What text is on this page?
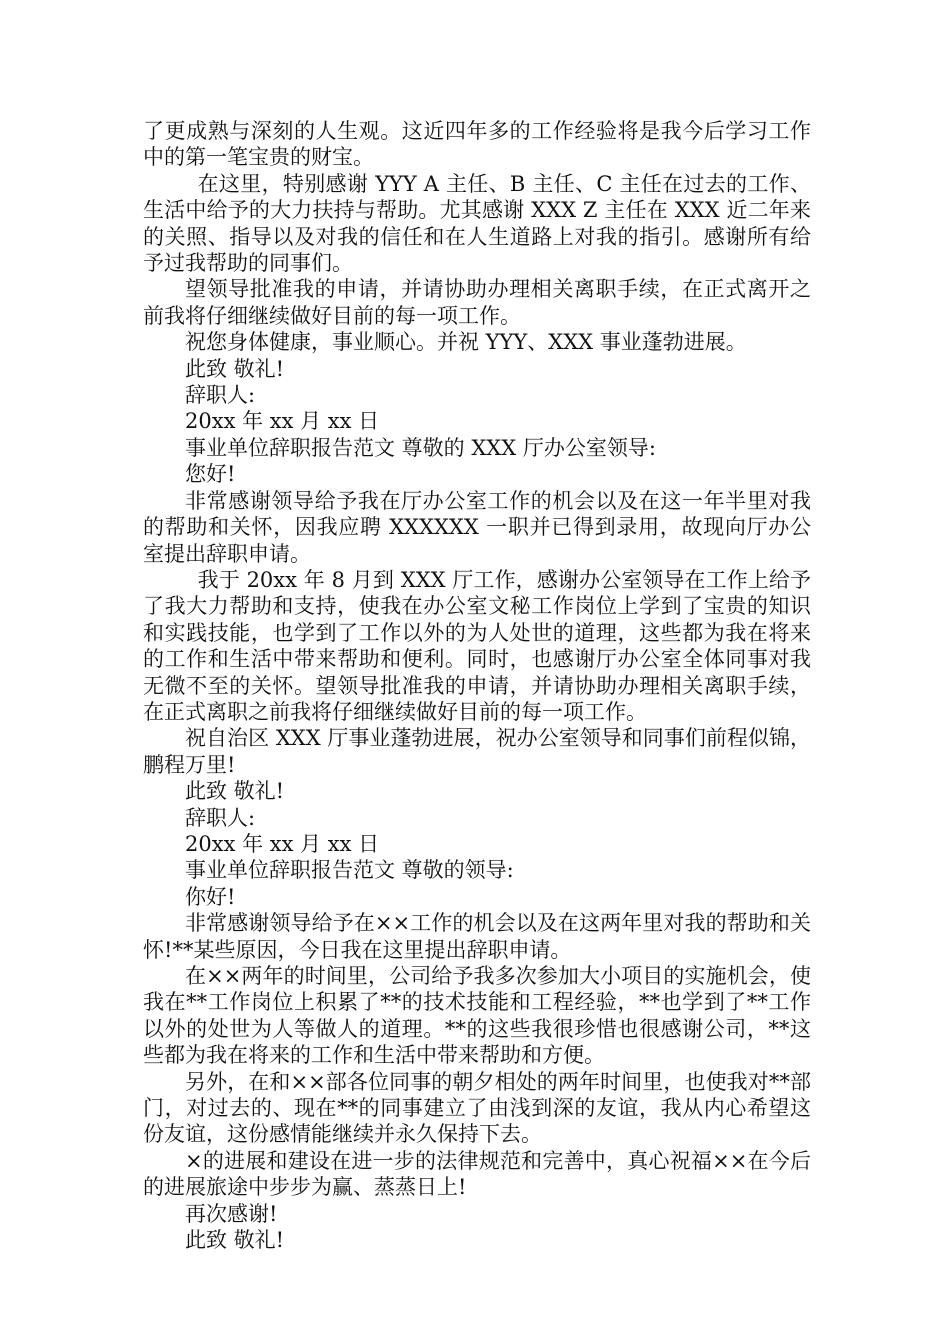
了更成熟与深刻的人生观。这近四年多的工作经验将是我今后学习工作中的第一笔宝贵的财宝。

在这里，特别感谢 YYY A 主任、B 主任、C 主任在过去的工作、生活中给予的大力扶持与帮助。尤其感谢 XXX Z 主任在 XXX 近二年来的关照、指导以及对我的信任和在人生道路上对我的指引。感谢所有给予过我帮助的同事们。

望领导批准我的申请，并请协助办理相关离职手续，在正式离开之前我将仔细继续做好目前的每一项工作。

祝您身体健康，事业顺心。并祝 YYY、XXX 事业蓬勃进展。

此致 敬礼!

辞职人:

20xx 年 xx 月 xx 日

事业单位辞职报告范文 尊敬的 XXX 厅办公室领导:

您好!

非常感谢领导给予我在厅办公室工作的机会以及在这一年半里对我的帮助和关怀，因我应聘 XXXXXX 一职并已得到录用，故现向厅办公室提出辞职申请。

我于 20xx 年 8 月到 XXX 厅工作，感谢办公室领导在工作上给予了我大力帮助和支持，使我在办公室文秘工作岗位上学到了宝贵的知识和实践技能，也学到了工作以外的为人处世的道理，这些都为我在将来的工作和生活中带来帮助和便利。同时，也感谢厅办公室全体同事对我无微不至的关怀。望领导批准我的申请，并请协助办理相关离职手续，在正式离职之前我将仔细继续做好目前的每一项工作。

祝自治区 XXX 厅事业蓬勃进展，祝办公室领导和同事们前程似锦，鹏程万里!

此致 敬礼!

辞职人:

20xx 年 xx 月 xx 日

事业单位辞职报告范文 尊敬的领导:

你好!

非常感谢领导给予在××工作的机会以及在这两年里对我的帮助和关怀!**某些原因，今日我在这里提出辞职申请。

在××两年的时间里，公司给予我多次参加大小项目的实施机会，使我在**工作岗位上积累了**的技术技能和工程经验，**也学到了**工作以外的处世为人等做人的道理。**的这些我很珍惜也很感谢公司，**这些都为我在将来的工作和生活中带来帮助和方便。

另外，在和××部各位同事的朝夕相处的两年时间里，也使我对**部门，对过去的、现在**的同事建立了由浅到深的友谊，我从内心希望这份友谊，这份感情能继续并永久保持下去。

×的进展和建设在进一步的法律规范和完善中，真心祝福××在今后的进展旅途中步步为赢、蒸蒸日上!

再次感谢!

此致 敬礼!
